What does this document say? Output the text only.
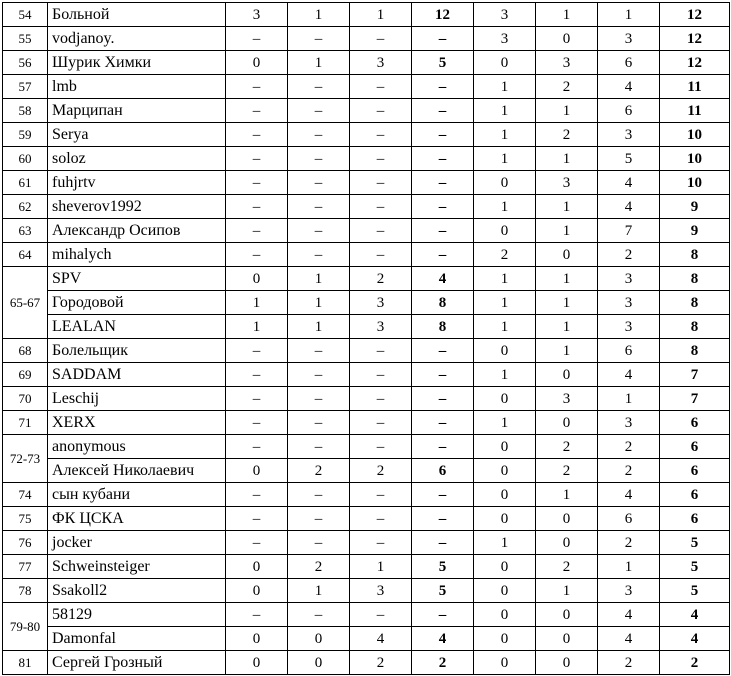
54	Больной	3	1	1	12	3	1	1	12
55	vodjanoy.	–	–	–	–	3	0	3	12
56	Шурик Химки	0	1	3	5	0	3	6	12
57	lmb	–	–	–	–	1	2	4	11
58	Марципан	–	–	–	–	1	1	6	11
59	Serya	–	–	–	–	1	2	3	10
60	soloz	–	–	–	–	1	1	5	10
61	fuhjrtv	–	–	–	–	0	3	4	10
62	sheverov1992	–	–	–	–	1	1	4	9
63	Александр Осипов	–	–	–	–	0	1	7	9
64	mihalych	–	–	–	–	2	0	2	8
65-67	SPV	0	1	2	4	1	1	3	8
	Городовой	1	1	3	8	1	1	3	8
	LEALAN	1	1	3	8	1	1	3	8
68	Болельщик	–	–	–	–	0	1	6	8
69	SADDAM	–	–	–	–	1	0	4	7
70	Leschij	–	–	–	–	0	3	1	7
71	XERX	–	–	–	–	1	0	3	6
72-73	anonymous	–	–	–	–	0	2	2	6
	Алексей Николаевич	0	2	2	6	0	2	2	6
74	сын кубани	–	–	–	–	0	1	4	6
75	ФК ЦСКА	–	–	–	–	0	0	6	6
76	jocker	–	–	–	–	1	0	2	5
77	Schweinsteiger	0	2	1	5	0	2	1	5
78	Ssakoll2	0	1	3	5	0	1	3	5
79-80	58129	–	–	–	–	0	0	4	4
	Damonfal	0	0	4	4	0	0	4	4
81	Сергей Грозный	0	0	2	2	0	0	2	2
